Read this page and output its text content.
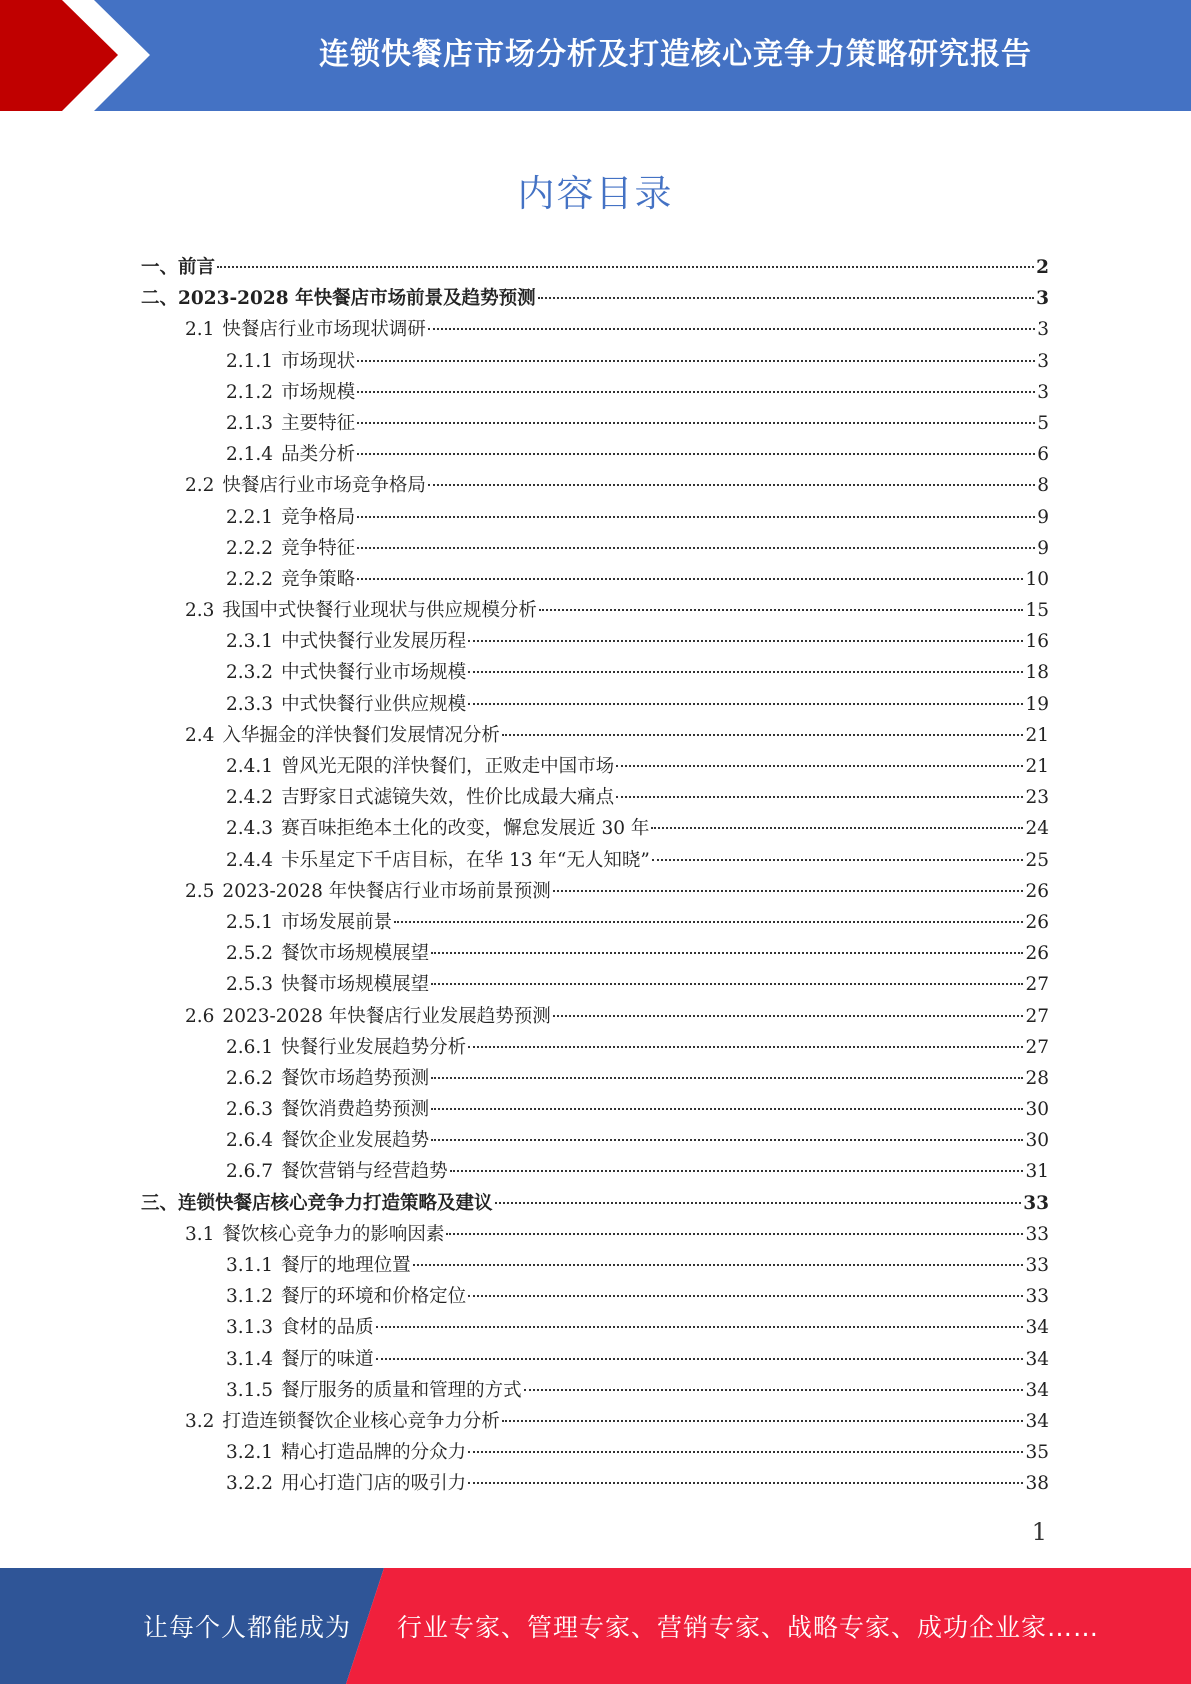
连锁快餐店市场分析及打造核心竞争力策略研究报告
内容目录
一、 前言	2
二、 2023-2028 年快餐店市场前景及趋势预测	3
2.1 快餐店行业市场现状调研	3
2.1.1 市场现状	3
2.1.2 市场规模	3
2.1.3 主要特征	5
2.1.4 品类分析	6
2.2 快餐店行业市场竞争格局	8
2.2.1 竞争格局	9
2.2.2 竞争特征	9
2.2.2 竞争策略	10
2.3 我国中式快餐行业现状与供应规模分析	15
2.3.1 中式快餐行业发展历程	16
2.3.2 中式快餐行业市场规模	18
2.3.3 中式快餐行业供应规模	19
2.4 入华掘金的洋快餐们发展情况分析	21
2.4.1 曾风光无限的洋快餐们，正败走中国市场	21
2.4.2 吉野家日式滤镜失效，性价比成最大痛点	23
2.4.3 赛百味拒绝本土化的改变，懈怠发展近 30 年	24
2.4.4 卡乐星定下千店目标，在华 13 年“无人知晓”	25
2.5 2023-2028 年快餐店行业市场前景预测	26
2.5.1 市场发展前景	26
2.5.2 餐饮市场规模展望	26
2.5.3 快餐市场规模展望	27
2.6 2023-2028 年快餐店行业发展趋势预测	27
2.6.1 快餐行业发展趋势分析	27
2.6.2 餐饮市场趋势预测	28
2.6.3 餐饮消费趋势预测	30
2.6.4 餐饮企业发展趋势	30
2.6.7 餐饮营销与经营趋势	31
三、 连锁快餐店核心竞争力打造策略及建议	33
3.1 餐饮核心竞争力的影响因素	33
3.1.1 餐厅的地理位置	33
3.1.2 餐厅的环境和价格定位	33
3.1.3 食材的品质	34
3.1.4 餐厅的味道	34
3.1.5 餐厅服务的质量和管理的方式	34
3.2 打造连锁餐饮企业核心竞争力分析	34
3.2.1 精心打造品牌的分众力	35
3.2.2 用心打造门店的吸引力	38
1
让每个人都能成为 行业专家、管理专家、营销专家、战略专家、成功企业家……
